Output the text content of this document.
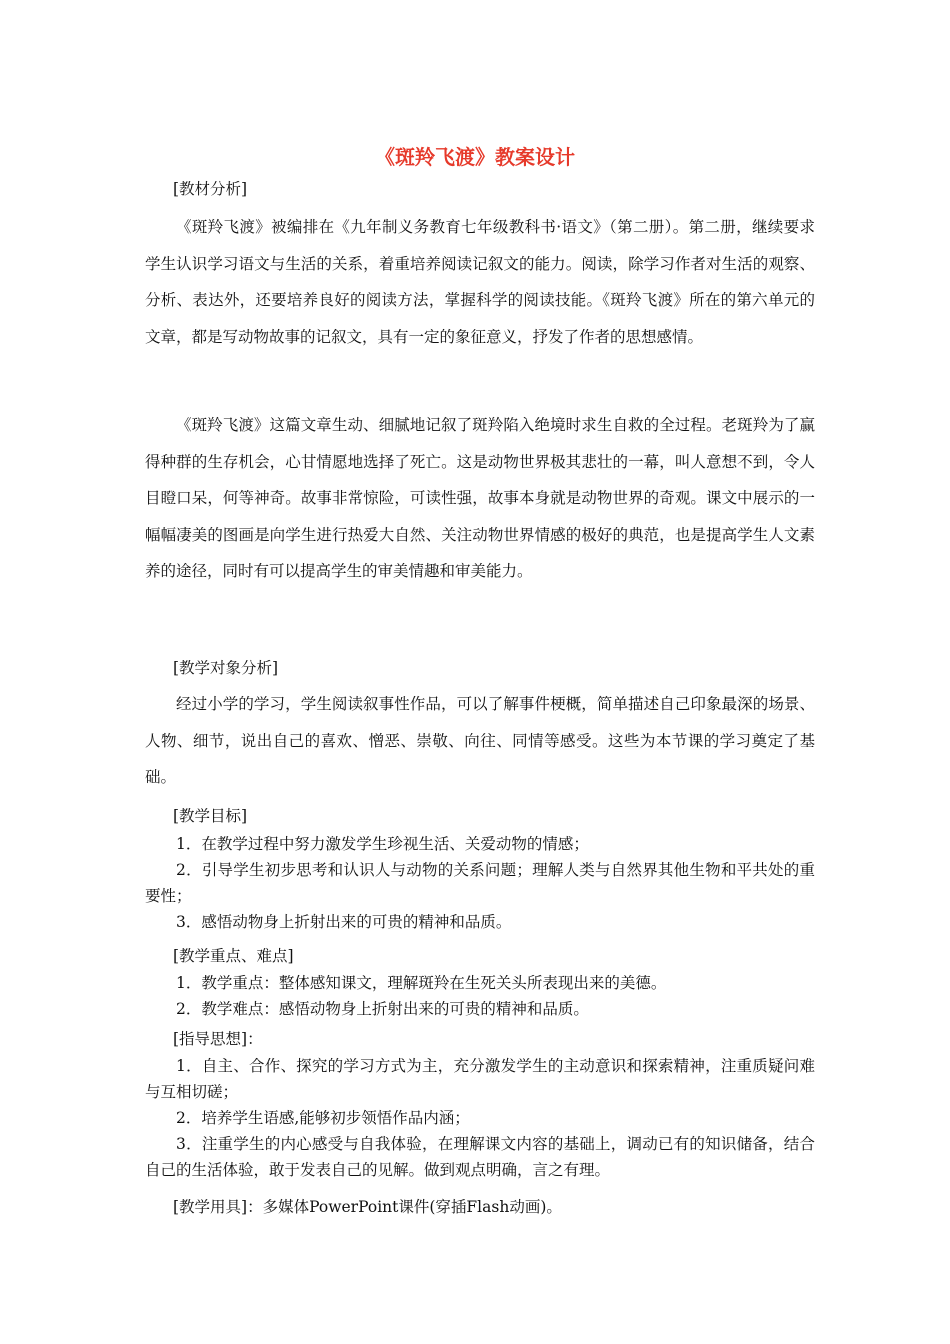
《斑羚飞渡》教案设计
[教材分析]
《斑羚飞渡》被编排在《九年制义务教育七年级教科书·语文》（第二册）。第二册，继续要求学生认识学习语文与生活的关系，着重培养阅读记叙文的能力。阅读，除学习作者对生活的观察、分析、表达外，还要培养良好的阅读方法，掌握科学的阅读技能。《斑羚飞渡》所在的第六单元的文章，都是写动物故事的记叙文，具有一定的象征意义，抒发了作者的思想感情。
《斑羚飞渡》这篇文章生动、细腻地记叙了斑羚陷入绝境时求生自救的全过程。老斑羚为了赢得种群的生存机会，心甘情愿地选择了死亡。这是动物世界极其悲壮的一幕，叫人意想不到，令人目瞪口呆，何等神奇。故事非常惊险，可读性强，故事本身就是动物世界的奇观。课文中展示的一幅幅凄美的图画是向学生进行热爱大自然、关注动物世界情感的极好的典范，也是提高学生人文素养的途径，同时有可以提高学生的审美情趣和审美能力。
[教学对象分析]
经过小学的学习，学生阅读叙事性作品，可以了解事件梗概，简单描述自己印象最深的场景、人物、细节，说出自己的喜欢、憎恶、崇敬、向往、同情等感受。这些为本节课的学习奠定了基础。
[教学目标]

1．在教学过程中努力激发学生珍视生活、关爱动物的情感；

2．引导学生初步思考和认识人与动物的关系问题；理解人类与自然界其他生物和平共处的重要性；

3．感悟动物身上折射出来的可贵的精神和品质。

[教学重点、难点]

1．教学重点：整体感知课文，理解斑羚在生死关头所表现出来的美德。

2．教学难点：感悟动物身上折射出来的可贵的精神和品质。

[指导思想]：

1．自主、合作、探究的学习方式为主，充分激发学生的主动意识和探索精神，注重质疑问难与互相切磋；

2．培养学生语感,能够初步领悟作品内涵；

3．注重学生的内心感受与自我体验，在理解课文内容的基础上，调动已有的知识储备，结合自己的生活体验，敢于发表自己的见解。做到观点明确，言之有理。

[教学用具]：多媒体PowerPoint课件(穿插Flash动画)。
